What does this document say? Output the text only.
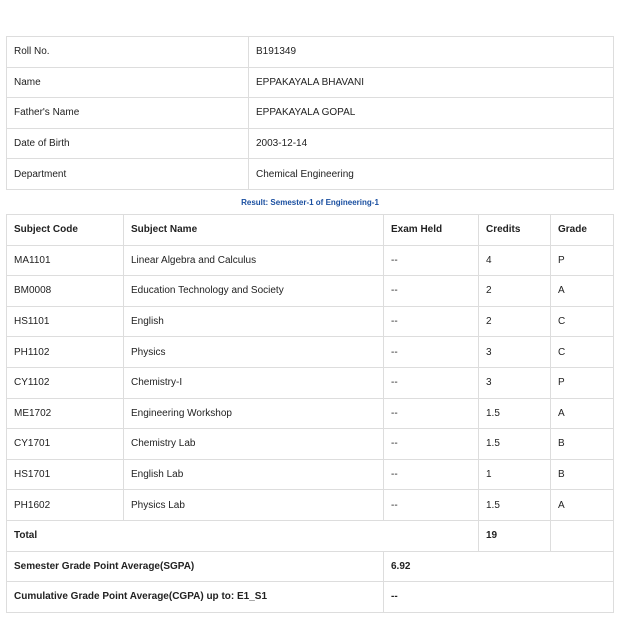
Roll No.	B191349
Name	EPPAKAYALA BHAVANI
Father's Name	EPPAKAYALA GOPAL
Date of Birth	2003-12-14
Department	Chemical Engineering
Result: Semester-1 of Engineering-1
Subject Code	Subject Name	Exam Held	Credits	Grade
MA1101	Linear Algebra and Calculus	--	4	P
BM0008	Education Technology and Society	--	2	A
HS1101	English	--	2	C
PH1102	Physics	--	3	C
CY1102	Chemistry-I	--	3	P
ME1702	Engineering Workshop	--	1.5	A
CY1701	Chemistry Lab	--	1.5	B
HS1701	English Lab	--	1	B
PH1602	Physics Lab	--	1.5	A
Total			19	
Semester Grade Point Average(SGPA)		6.92		
Cumulative Grade Point Average(CGPA) up to: E1_S1		--		
